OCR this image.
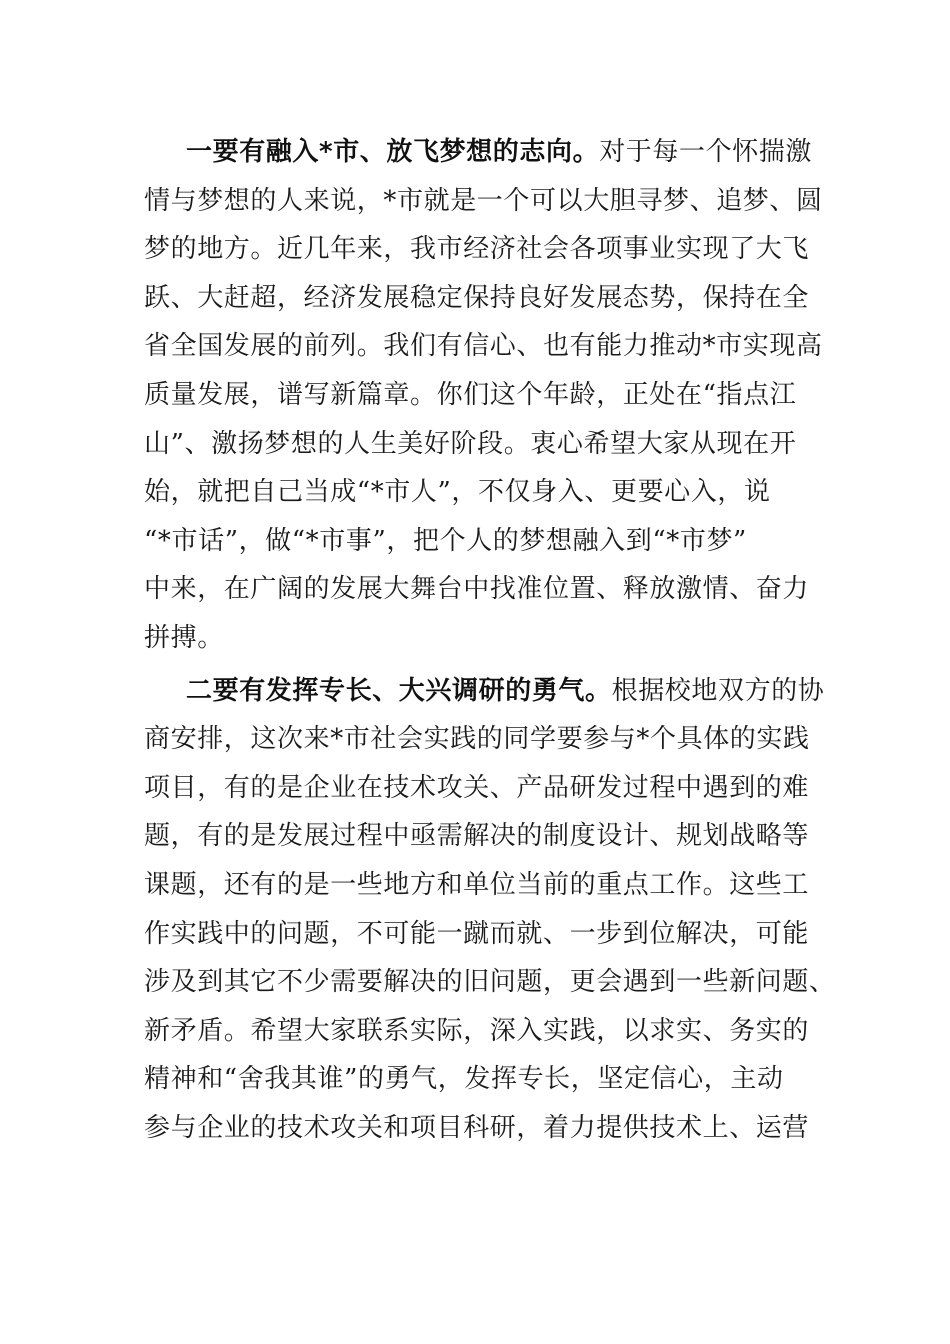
一要有融入*市、放飞梦想的志向。对于每一个怀揣激
情与梦想的人来说，*市就是一个可以大胆寻梦、追梦、圆
梦的地方。近几年来，我市经济社会各项事业实现了大飞
跃、大赶超，经济发展稳定保持良好发展态势，保持在全
省全国发展的前列。我们有信心、也有能力推动*市实现高
质量发展，谱写新篇章。你们这个年龄，正处在“指点江
山”、激扬梦想的人生美好阶段。衷心希望大家从现在开
始，就把自己当成“*市人”，不仅身入、更要心入，说
“*市话”，做“*市事”，把个人的梦想融入到“*市梦”
中来，在广阔的发展大舞台中找准位置、释放激情、奋力
拼搏。
二要有发挥专长、大兴调研的勇气。根据校地双方的协
商安排，这次来*市社会实践的同学要参与*个具体的实践
项目，有的是企业在技术攻关、产品研发过程中遇到的难
题，有的是发展过程中亟需解决的制度设计、规划战略等
课题，还有的是一些地方和单位当前的重点工作。这些工
作实践中的问题，不可能一蹴而就、一步到位解决，可能
涉及到其它不少需要解决的旧问题，更会遇到一些新问题、
新矛盾。希望大家联系实际，深入实践，以求实、务实的
精神和“舍我其谁”的勇气，发挥专长，坚定信心，主动
参与企业的技术攻关和项目科研，着力提供技术上、运营
